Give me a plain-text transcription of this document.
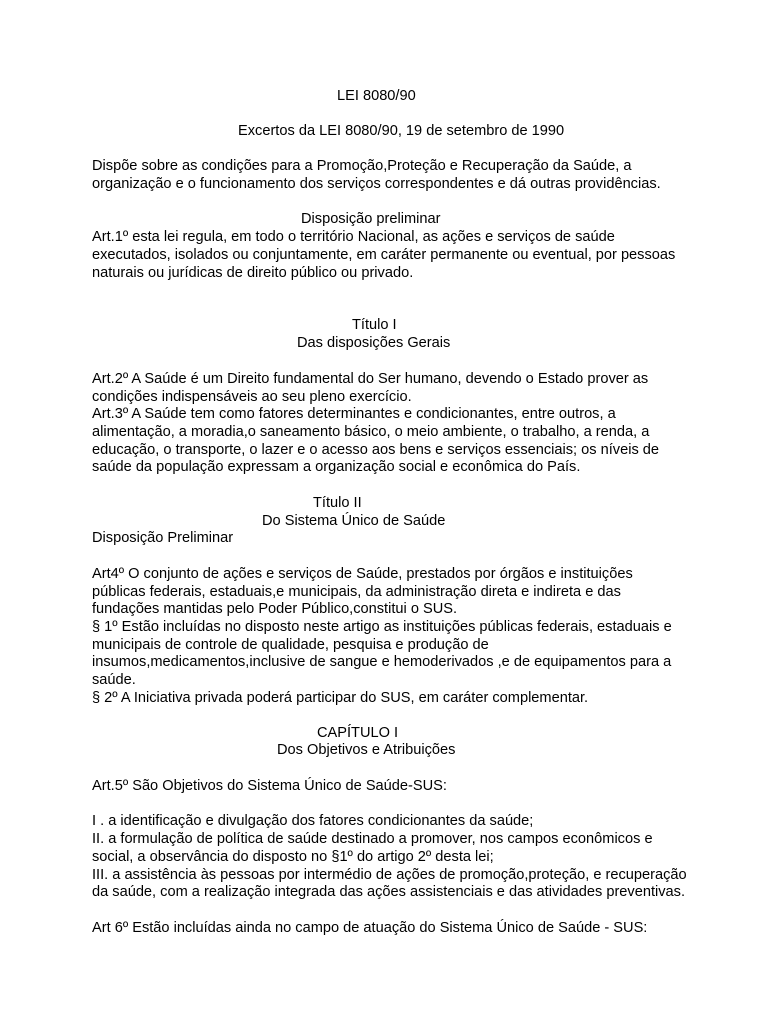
LEI 8080/90
Excertos da LEI 8080/90, 19 de setembro de 1990
Dispõe sobre as condições para a Promoção,Proteção e Recuperação da Saúde, a
organização e o funcionamento dos serviços correspondentes e dá outras providências.
Disposição preliminar
Art.1º esta lei regula, em todo o território Nacional, as ações e serviços de saúde
executados, isolados ou conjuntamente, em caráter permanente ou eventual, por pessoas
naturais ou jurídicas de direito público ou privado.
Título I
Das disposições Gerais
Art.2º A Saúde é um Direito fundamental do Ser humano, devendo o Estado prover as
condições indispensáveis ao seu pleno exercício.
Art.3º A Saúde tem como fatores determinantes e condicionantes, entre outros, a
alimentação, a moradia,o saneamento básico, o meio ambiente, o trabalho, a renda, a
educação, o transporte, o lazer e o acesso aos bens e serviços essenciais; os níveis de
saúde da população expressam a organização social e econômica do País.
Título II
Do Sistema Único de Saúde
Disposição Preliminar
Art4º O conjunto de ações e serviços de Saúde, prestados por órgãos e instituições
públicas federais, estaduais,e municipais, da administração direta e indireta e das
fundações mantidas pelo Poder Público,constitui o SUS.
§ 1º Estão incluídas no disposto neste artigo as instituições públicas federais, estaduais e
municipais de controle de qualidade, pesquisa e produção de
insumos,medicamentos,inclusive de sangue e hemoderivados ,e de equipamentos para a
saúde.
§ 2º A Iniciativa privada poderá participar do SUS, em caráter complementar.
CAPÍTULO I
Dos Objetivos e Atribuições
Art.5º São Objetivos do Sistema Único de Saúde-SUS:
I . a identificação e divulgação dos fatores condicionantes da saúde;
II. a formulação de política de saúde destinado a promover, nos campos econômicos e
social, a observância do disposto no §1º do artigo 2º desta lei;
III. a assistência às pessoas por intermédio de ações de promoção,proteção, e recuperação
da saúde, com a realização integrada das ações assistenciais e das atividades preventivas.
Art 6º Estão incluídas ainda no campo de atuação do Sistema Único de Saúde - SUS:
